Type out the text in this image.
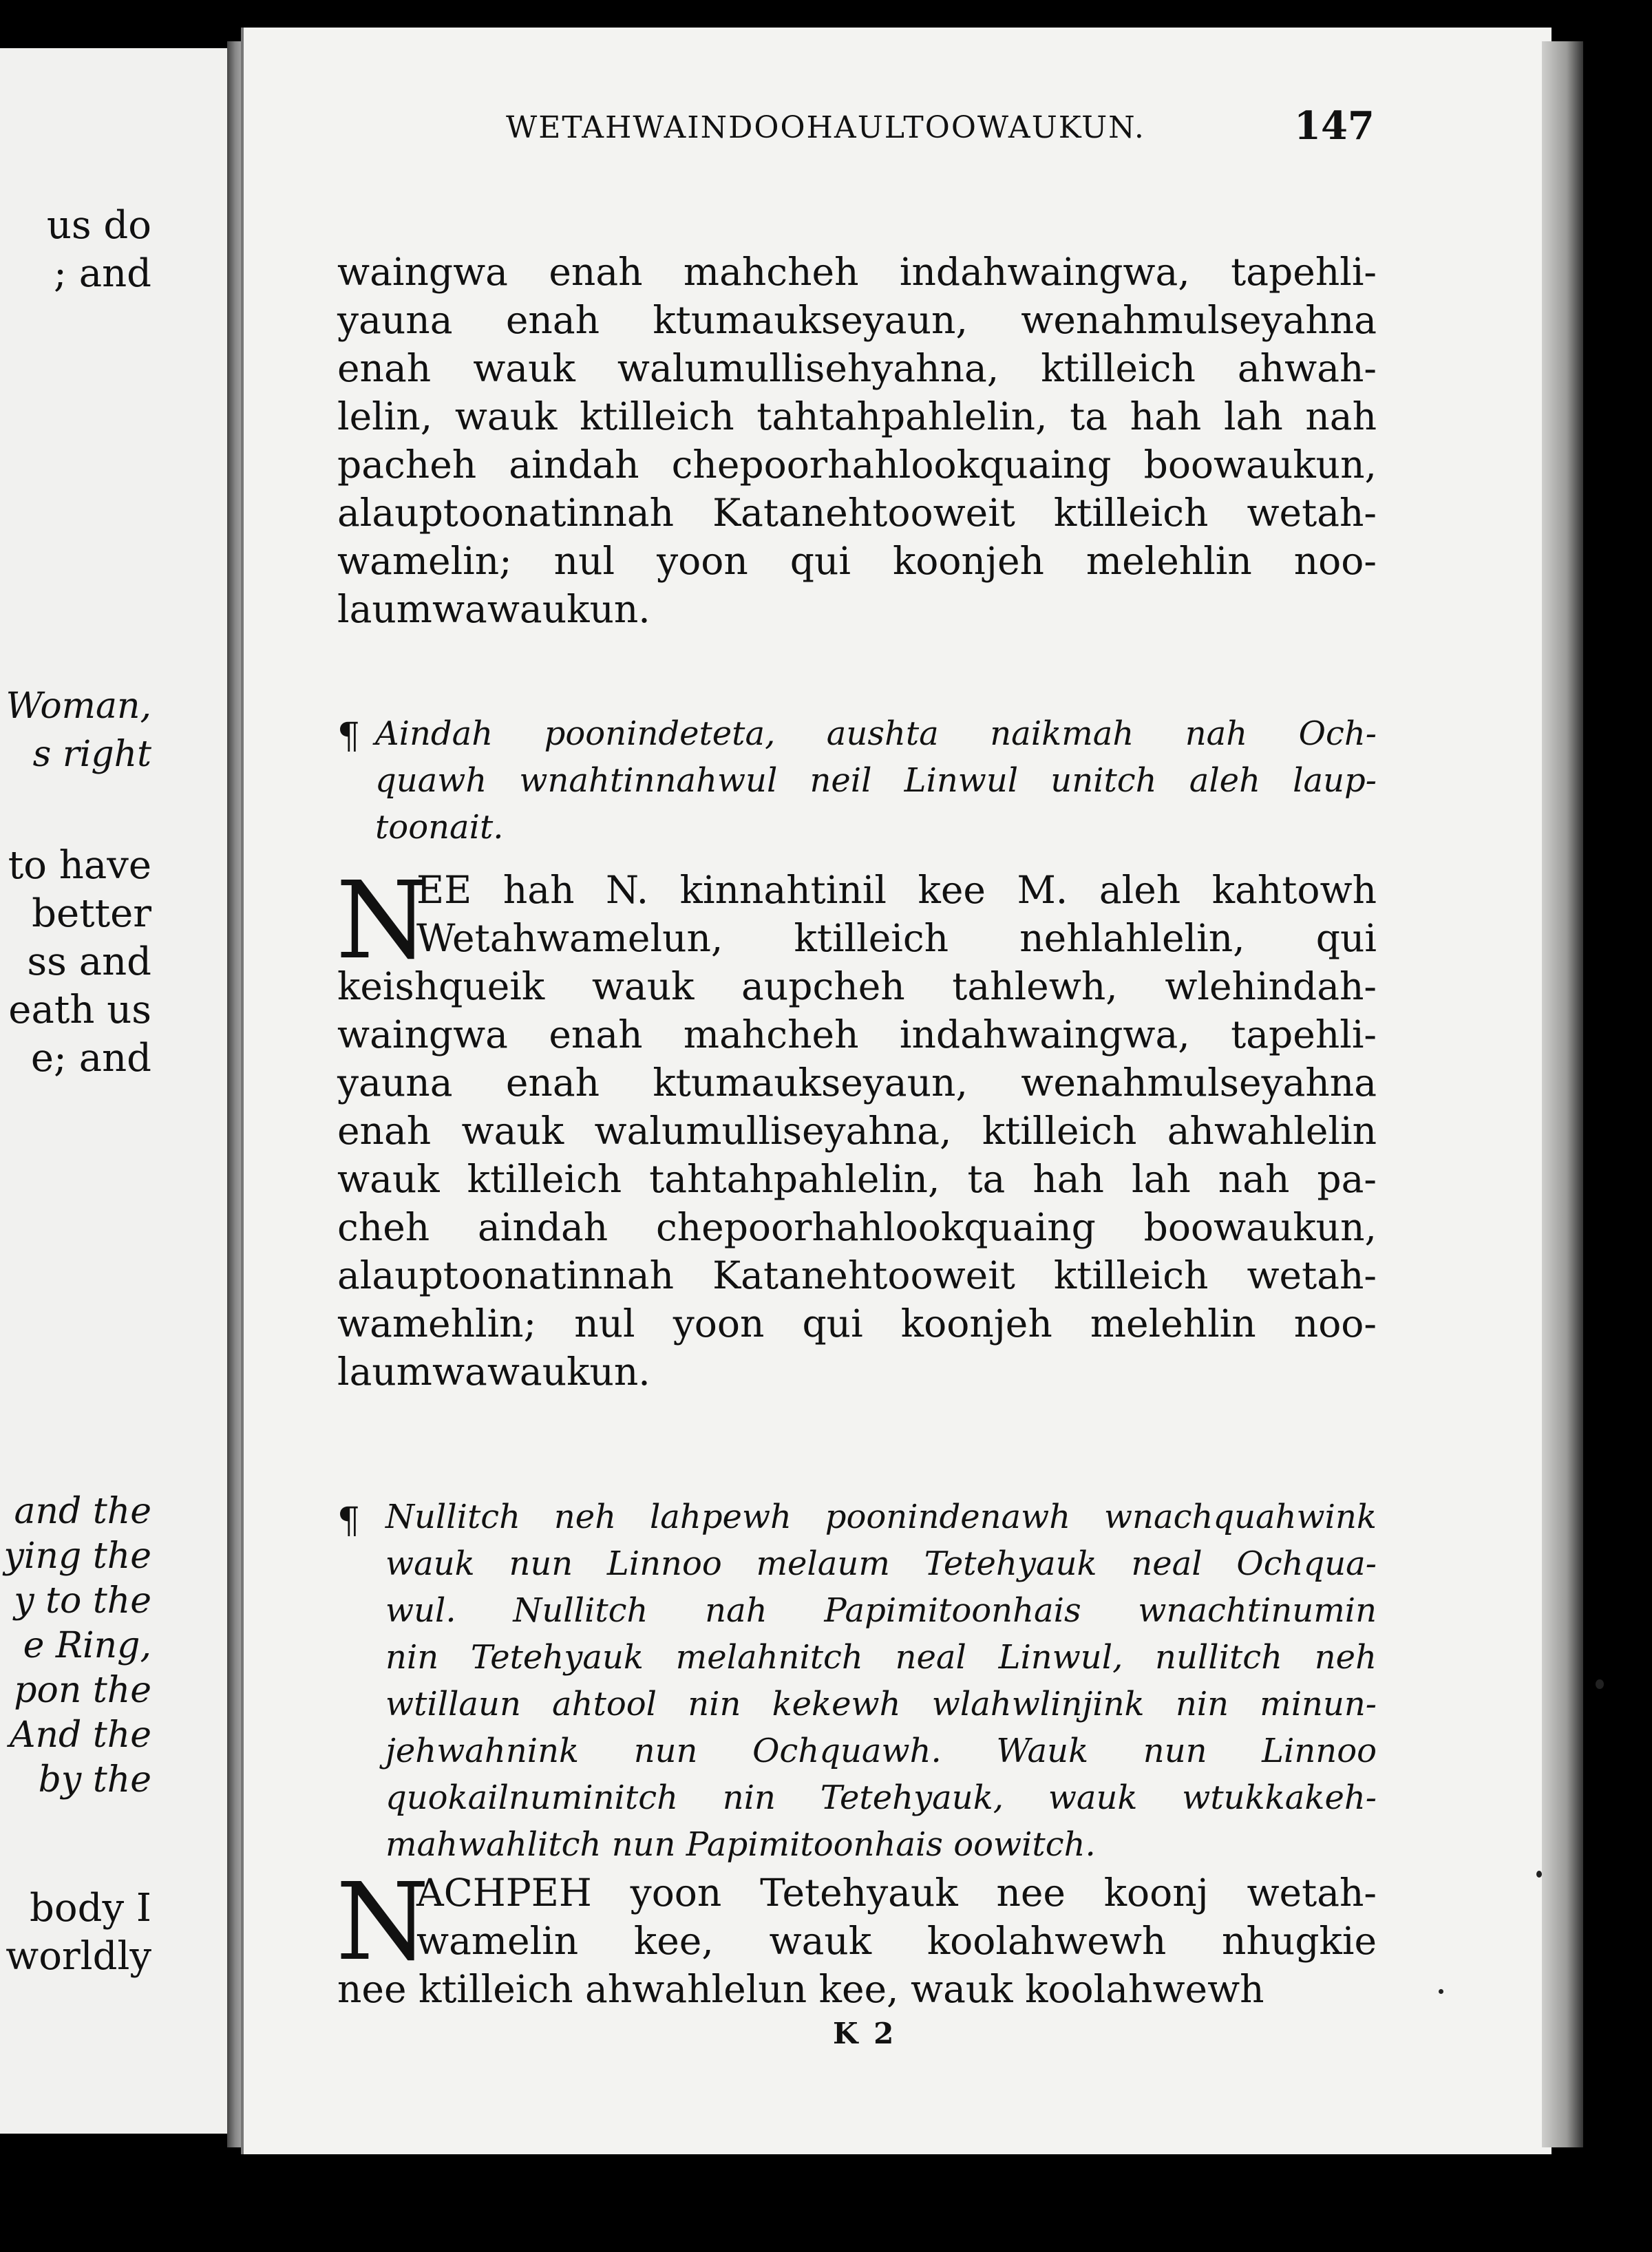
us do
; and
Woman,
s right
to have
better
ss and
eath us
e; and
and the
ying the
y to the
e Ring,
pon the
And the
by the
body I
worldly
WETAHWAINDOOHAULTOOWAUKUN.	147
waingwa enah mahcheh indahwaingwa, tapehli-
yauna enah ktumaukseyaun, wenahmulseyahna
enah wauk walumullisehyahna, ktilleich ahwah-
lelin, wauk ktilleich tahtahpahlelin, ta hah lah nah
pacheh aindah chepoorhahlookquaing boowaukun,
alauptoonatinnah Katanehtooweit ktilleich wetah-
wamelin; nul yoon qui koonjeh melehlin noo-
laumwawaukun.
¶ Aindah poonindeteta, aushta naikmah nah Och-
quawh wnahtinnahwul neil Linwul unitch aleh laup-
toonait.
N
EE hah N. kinnahtinil kee M. aleh kahtowh
Wetahwamelun, ktilleich nehlahlelin, qui
keishqueik wauk aupcheh tahlewh, wlehindah-
waingwa enah mahcheh indahwaingwa, tapehli-
yauna enah ktumaukseyaun, wenahmulseyahna
enah wauk walumulliseyahna, ktilleich ahwahlelin
wauk ktilleich tahtahpahlelin, ta hah lah nah pa-
cheh aindah chepoorhahlookquaing boowaukun,
alauptoonatinnah Katanehtooweit ktilleich wetah-
wamehlin; nul yoon qui koonjeh melehlin noo-
laumwawaukun.
¶ Nullitch neh lahpewh poonindenawh wnachquahwink
wauk nun Linnoo melaum Tetehyauk neal Ochqua-
wul. Nullitch nah Papimitoonhais wnachtinumin
nin Tetehyauk melahnitch neal Linwul, nullitch neh
wtillaun ahtool nin kekewh wlahwlinjink nin minun-
jehwahnink nun Ochquawh. Wauk nun Linnoo
quokailnuminitch nin Tetehyauk, wauk wtukkakeh-
mahwahlitch nun Papimitoonhais oowitch.
N
ACHPEH yoon Tetehyauk nee koonj wetah-
wamelin kee, wauk koolahwewh nhugkie
nee ktilleich ahwahlelun kee, wauk koolahwewh
K 2
